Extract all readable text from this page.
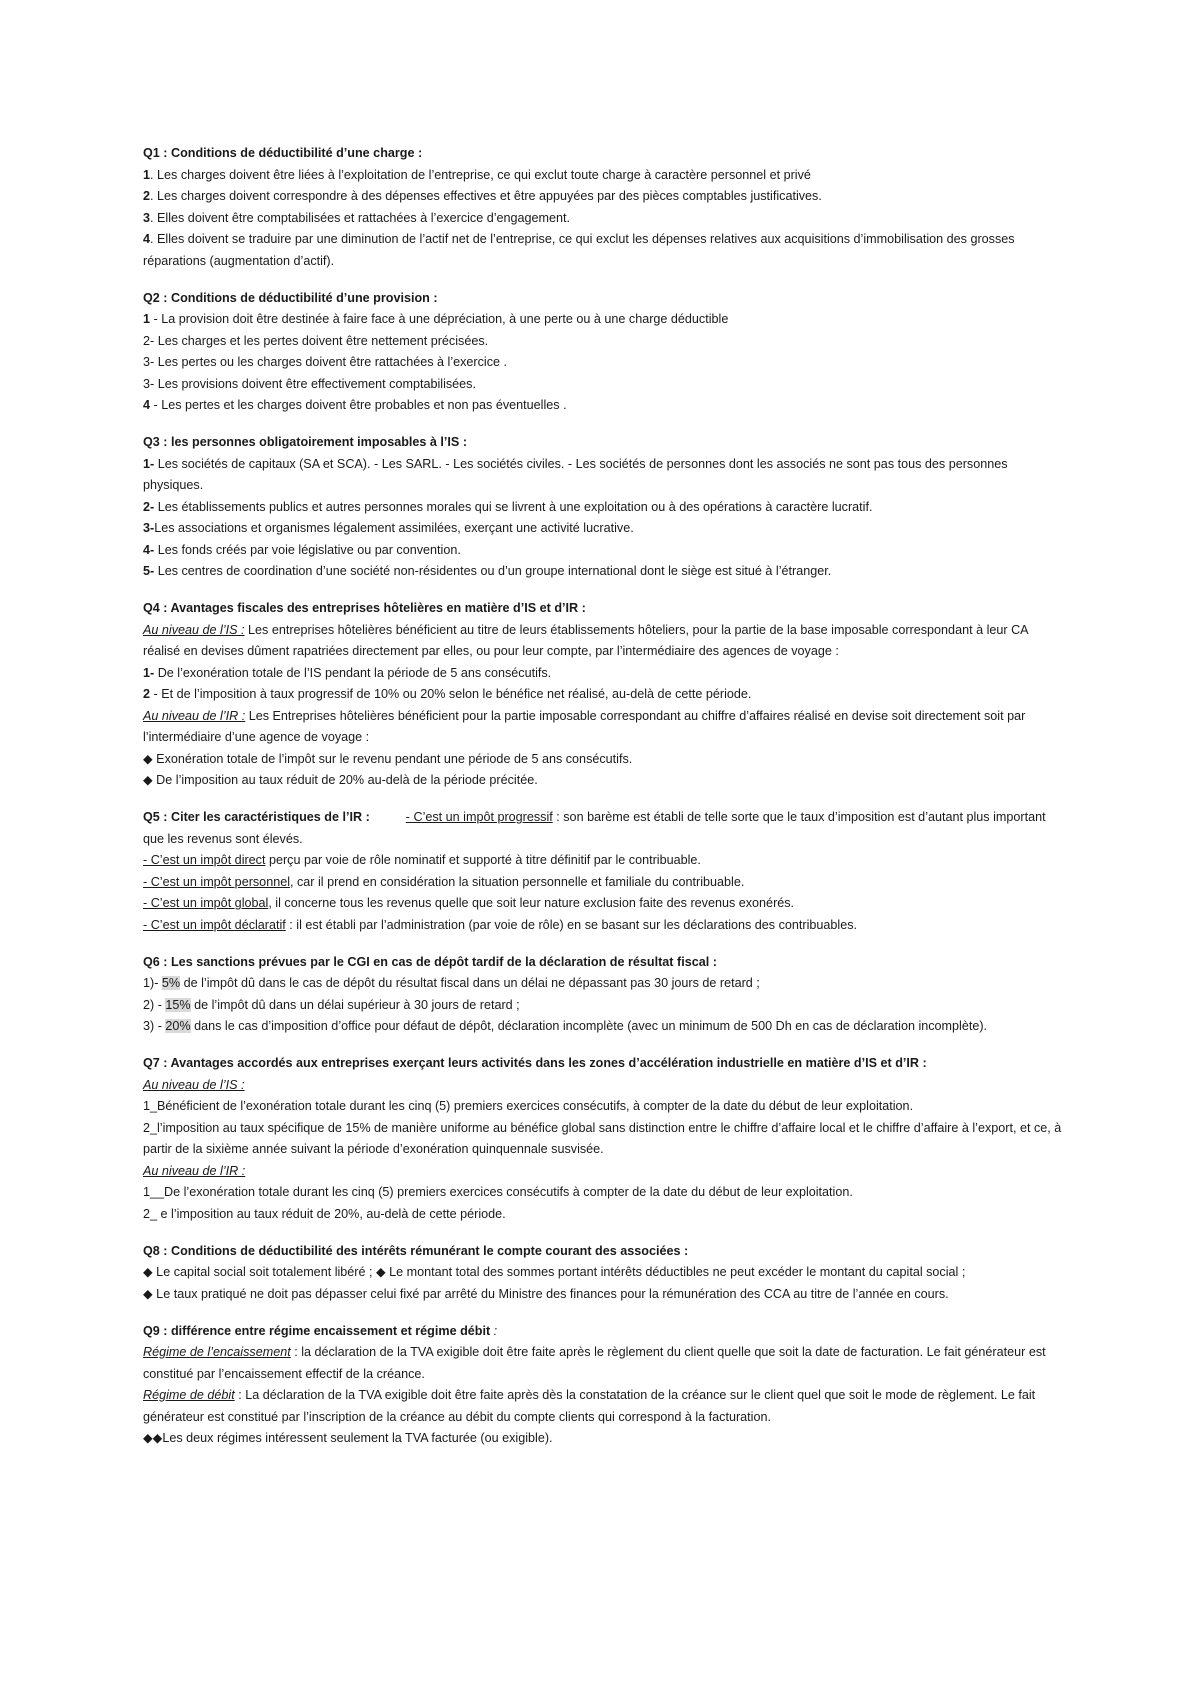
Q1 : Conditions de déductibilité d’une charge :
1. Les charges doivent être liées à l’exploitation de l’entreprise, ce qui exclut toute charge à caractère personnel et privé
2. Les charges doivent correspondre à des dépenses effectives et être appuyées par des pièces comptables justificatives.
3. Elles doivent être comptabilisées et rattachées à l’exercice d’engagement.
4. Elles doivent se traduire par une diminution de l’actif net de l’entreprise, ce qui exclut les dépenses relatives aux acquisitions d’immobilisation des grosses réparations (augmentation d’actif).
Q2 : Conditions de déductibilité d’une provision :
1 - La provision doit être destinée à faire face à une dépréciation, à une perte ou à une charge déductible
2- Les charges et les pertes doivent être nettement précisées.
3- Les pertes ou les charges doivent être rattachées à l’exercice .
3- Les provisions doivent être effectivement comptabilisées.
4 - Les pertes et les charges doivent être probables et non pas éventuelles .
Q3 : les personnes obligatoirement imposables à l’IS :
1- Les sociétés de capitaux (SA et SCA). - Les SARL. - Les sociétés civiles. - Les sociétés de personnes dont les associés ne sont pas tous des personnes physiques.
2- Les établissements publics et autres personnes morales qui se livrent à une exploitation ou à des opérations à caractère lucratif.
3-Les associations et organismes légalement assimilées, exerçant une activité lucrative.
4- Les fonds créés par voie législative ou par convention.
5- Les centres de coordination d’une société non-résidentes ou d’un groupe international dont le siège est situé à l’étranger.
Q4 : Avantages fiscales des entreprises hôtelières en matière d’IS et d’IR :
Au niveau de l’IS : Les entreprises hôtelières bénéficient au titre de leurs établissements hôteliers, pour la partie de la base imposable correspondant à leur CA réalisé en devises dûment rapatriées directement par elles, ou pour leur compte, par l’intermédiaire des agences de voyage :
1- De l’exonération totale de l’IS pendant la période de 5 ans consécutifs.
2 - Et de l’imposition à taux progressif de 10% ou 20% selon le bénéfice net réalisé, au-delà de cette période.
Au niveau de l’IR : Les Entreprises hôtelières bénéficient pour la partie imposable correspondant au chiffre d’affaires réalisé en devise soit directement soit par l’intermédiaire d’une agence de voyage :
◆ Exonération totale de l’impôt sur le revenu pendant une période de 5 ans consécutifs.
◆ De l’imposition au taux réduit de 20% au-delà de la période précitée.
Q5 : Citer les caractéristiques de l’IR :	- C’est un impôt progressif : son barème est établi de telle sorte que le taux d’imposition est d’autant plus important que les revenus sont élevés.
- C’est un impôt direct perçu par voie de rôle nominatif et supporté à titre définitif par le contribuable.
- C’est un impôt personnel, car il prend en considération la situation personnelle et familiale du contribuable.
- C’est un impôt global, il concerne tous les revenus quelle que soit leur nature exclusion faite des revenus exonérés.
- C’est un impôt déclaratif : il est établi par l’administration (par voie de rôle) en se basant sur les déclarations des contribuables.
Q6 : Les sanctions prévues par le CGI en cas de dépôt tardif de la déclaration de résultat fiscal :
1)- 5% de l’impôt dû dans le cas de dépôt du résultat fiscal dans un délai ne dépassant pas 30 jours de retard ;
2) - 15% de l’impôt dû dans un délai supérieur à 30 jours de retard ;
3) - 20% dans le cas d’imposition d’office pour défaut de dépôt, déclaration incomplète (avec un minimum de 500 Dh en cas de déclaration incomplète).
Q7 : Avantages accordés aux entreprises exerçant leurs activités dans les zones d’accélération industrielle en matière d’IS et d’IR :
Au niveau de l’IS :
1_Bénéficient de l’exonération totale durant les cinq (5) premiers exercices consécutifs, à compter de la date du début de leur exploitation.
2_l’imposition au taux spécifique de 15% de manière uniforme au bénéfice global sans distinction entre le chiffre d’affaire local et le chiffre d’affaire à l’export, et ce, à partir de la sixième année suivant la période d’exonération quinquennale susvisée.
Au niveau de l’IR :
1__De l’exonération totale durant les cinq (5) premiers exercices consécutifs à compter de la date du début de leur exploitation.
2_ e l’imposition au taux réduit de 20%, au-delà de cette période.
Q8 : Conditions de déductibilité des intérêts rémunérant le compte courant des associées :
◆ Le capital social soit totalement libéré ; ◆ Le montant total des sommes portant intérêts déductibles ne peut excéder le montant du capital social ;
◆ Le taux pratiqué ne doit pas dépasser celui fixé par arrêté du Ministre des finances pour la rémunération des CCA au titre de l’année en cours.
Q9 : différence entre régime encaissement et régime débit :
Régime de l’encaissement : la déclaration de la TVA exigible doit être faite après le règlement du client quelle que soit la date de facturation. Le fait générateur est constitué par l’encaissement effectif de la créance.
Régime de débit : La déclaration de la TVA exigible doit être faite après dès la constatation de la créance sur le client quel que soit le mode de règlement. Le fait générateur est constitué par l’inscription de la créance au débit du compte clients qui correspond à la facturation.
◆◆Les deux régimes intéressent seulement la TVA facturée (ou exigible).
